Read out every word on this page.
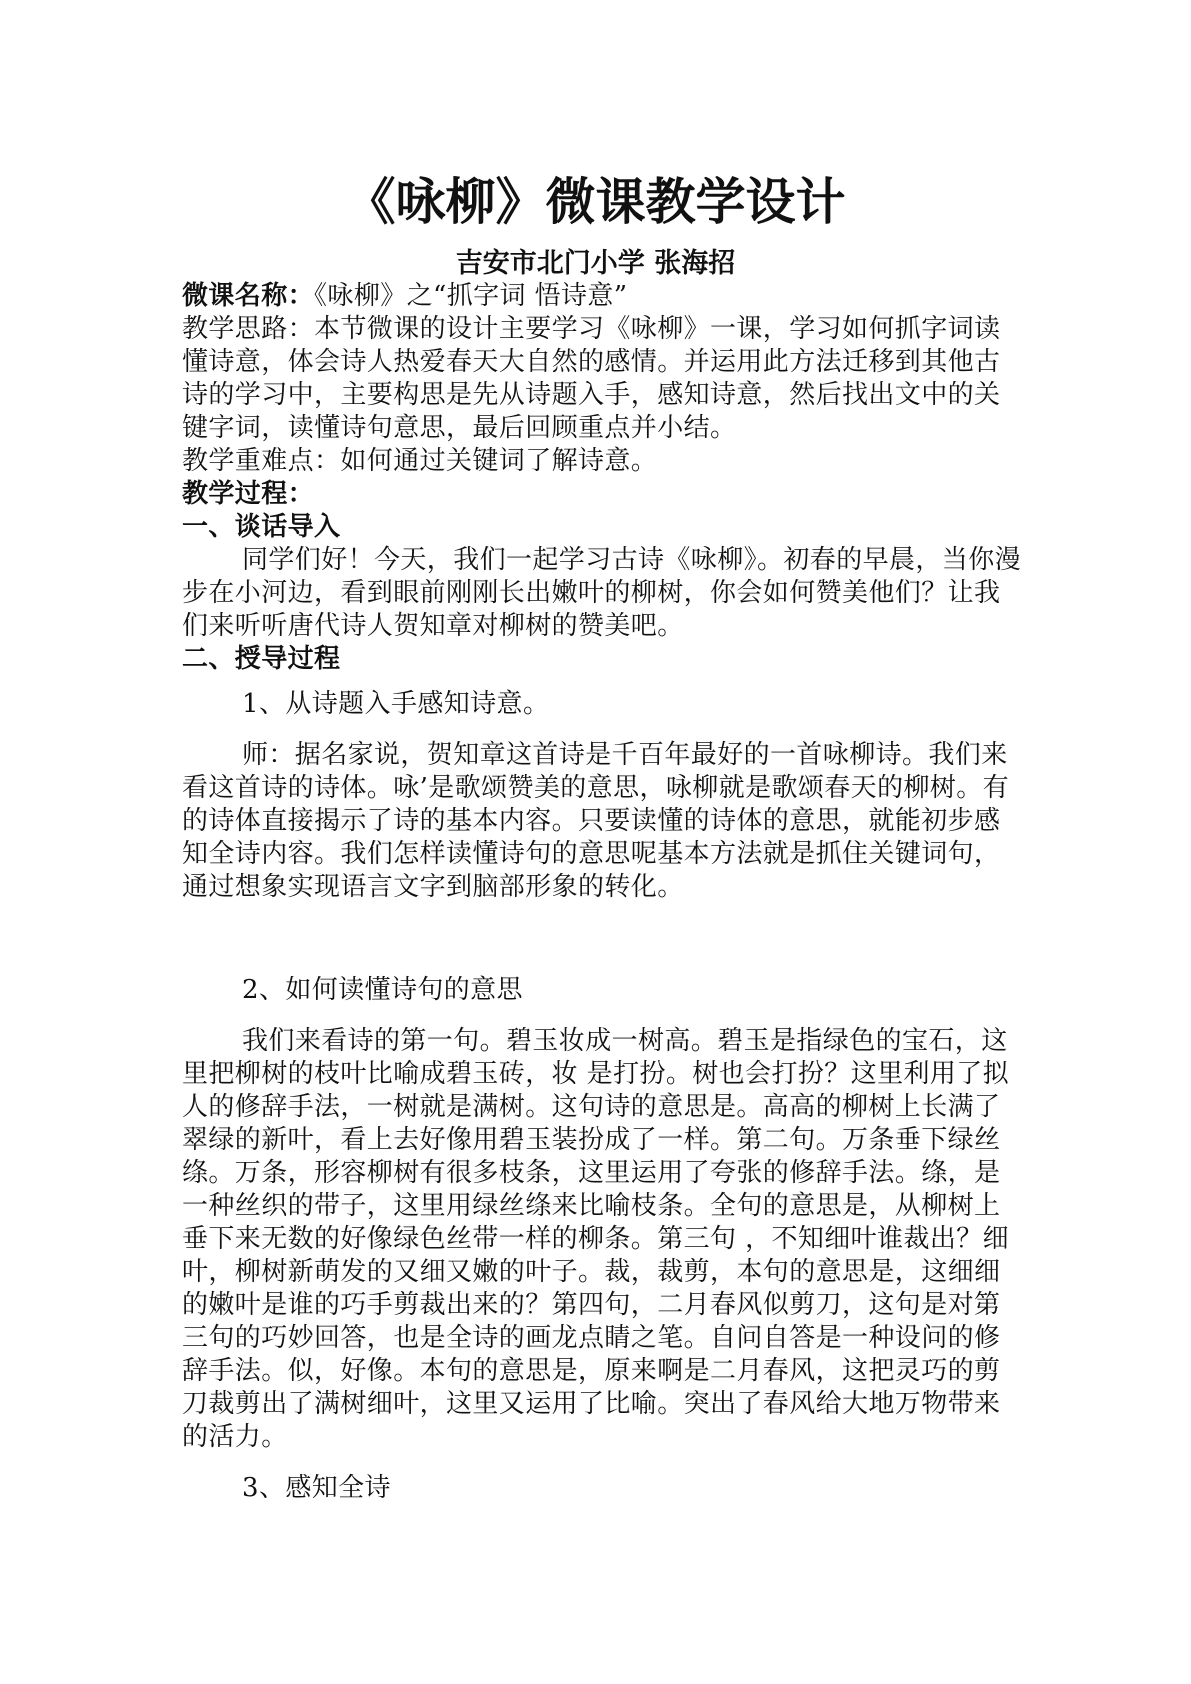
《咏柳》微课教学设计
吉安市北门小学 张海招

微课名称：《咏柳》之“抓字词 悟诗意”

教学思路：本节微课的设计主要学习《咏柳》一课，学习如何抓字词读懂诗意，体会诗人热爱春天大自然的感情。并运用此方法迁移到其他古诗的学习中，主要构思是先从诗题入手，感知诗意，然后找出文中的关键字词，读懂诗句意思，最后回顾重点并小结。

教学重难点：如何通过关键词了解诗意。

教学过程：

一、谈话导入

同学们好！今天，我们一起学习古诗《咏柳》。初春的早晨，当你漫步在小河边，看到眼前刚刚长出嫩叶的柳树，你会如何赞美他们？让我们来听听唐代诗人贺知章对柳树的赞美吧。

二、授导过程

1、从诗题入手感知诗意。

师：据名家说，贺知章这首诗是千百年最好的一首咏柳诗。我们来看这首诗的诗体。咏’是歌颂赞美的意思，咏柳就是歌颂春天的柳树。有的诗体直接揭示了诗的基本内容。只要读懂的诗体的意思，就能初步感知全诗内容。我们怎样读懂诗句的意思呢基本方法就是抓住关键词句，通过想象实现语言文字到脑部形象的转化。

2、如何读懂诗句的意思

我们来看诗的第一句。碧玉妆成一树高。碧玉是指绿色的宝石，这里把柳树的枝叶比喻成碧玉砖，妆 是打扮。树也会打扮？这里利用了拟人的修辞手法，一树就是满树。这句诗的意思是。高高的柳树上长满了翠绿的新叶，看上去好像用碧玉装扮成了一样。第二句。万条垂下绿丝绦。万条，形容柳树有很多枝条，这里运用了夸张的修辞手法。绦，是一种丝织的带子，这里用绿丝绦来比喻枝条。全句的意思是，从柳树上垂下来无数的好像绿色丝带一样的柳条。第三句 ，不知细叶谁裁出？细叶，柳树新萌发的又细又嫩的叶子。裁，裁剪，本句的意思是，这细细的嫩叶是谁的巧手剪裁出来的？第四句，二月春风似剪刀，这句是对第三句的巧妙回答，也是全诗的画龙点睛之笔。自问自答是一种设问的修辞手法。似，好像。本句的意思是，原来啊是二月春风，这把灵巧的剪刀裁剪出了满树细叶，这里又运用了比喻。突出了春风给大地万物带来的活力。

3、感知全诗
